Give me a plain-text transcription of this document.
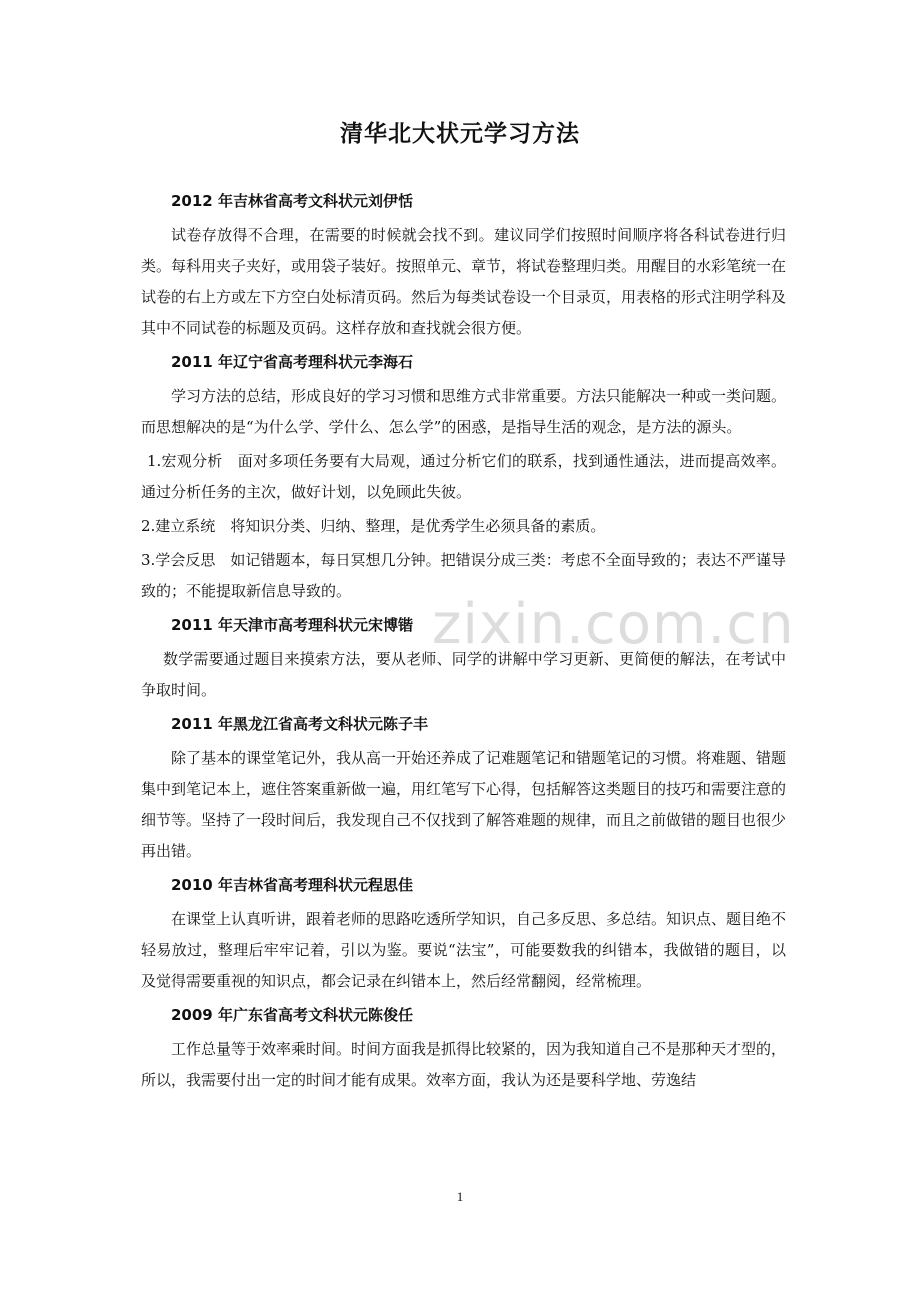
清华北大状元学习方法
2012 年吉林省高考文科状元刘伊恬

试卷存放得不合理，在需要的时候就会找不到。建议同学们按照时间顺序将各科试卷进行归类。每科用夹子夹好，或用袋子装好。按照单元、章节，将试卷整理归类。用醒目的水彩笔统一在试卷的右上方或左下方空白处标清页码。然后为每类试卷设一个目录页，用表格的形式注明学科及其中不同试卷的标题及页码。这样存放和查找就会很方便。

2011 年辽宁省高考理科状元李海石

学习方法的总结，形成良好的学习习惯和思维方式非常重要。方法只能解决一种或一类问题。而思想解决的是“为什么学、学什么、怎么学”的困惑，是指导生活的观念，是方法的源头。

1.宏观分析　面对多项任务要有大局观，通过分析它们的联系，找到通性通法，进而提高效率。通过分析任务的主次，做好计划，以免顾此失彼。

2.建立系统　将知识分类、归纳、整理，是优秀学生必须具备的素质。

3.学会反思　如记错题本，每日冥想几分钟。把错误分成三类：考虑不全面导致的；表达不严谨导致的；不能提取新信息导致的。

2011 年天津市高考理科状元宋博锴

数学需要通过题目来摸索方法，要从老师、同学的讲解中学习更新、更简便的解法，在考试中争取时间。

2011 年黑龙江省高考文科状元陈子丰

除了基本的课堂笔记外，我从高一开始还养成了记难题笔记和错题笔记的习惯。将难题、错题集中到笔记本上，遮住答案重新做一遍，用红笔写下心得，包括解答这类题目的技巧和需要注意的细节等。坚持了一段时间后，我发现自己不仅找到了解答难题的规律，而且之前做错的题目也很少再出错。

2010 年吉林省高考理科状元程思佳

在课堂上认真听讲，跟着老师的思路吃透所学知识，自己多反思、多总结。知识点、题目绝不轻易放过，整理后牢牢记着，引以为鉴。要说“法宝”，可能要数我的纠错本，我做错的题目，以及觉得需要重视的知识点，都会记录在纠错本上，然后经常翻阅，经常梳理。

2009 年广东省高考文科状元陈俊任

工作总量等于效率乘时间。时间方面我是抓得比较紧的，因为我知道自己不是那种天才型的，所以，我需要付出一定的时间才能有成果。效率方面，我认为还是要科学地、劳逸结

zixin.com.cn
1
